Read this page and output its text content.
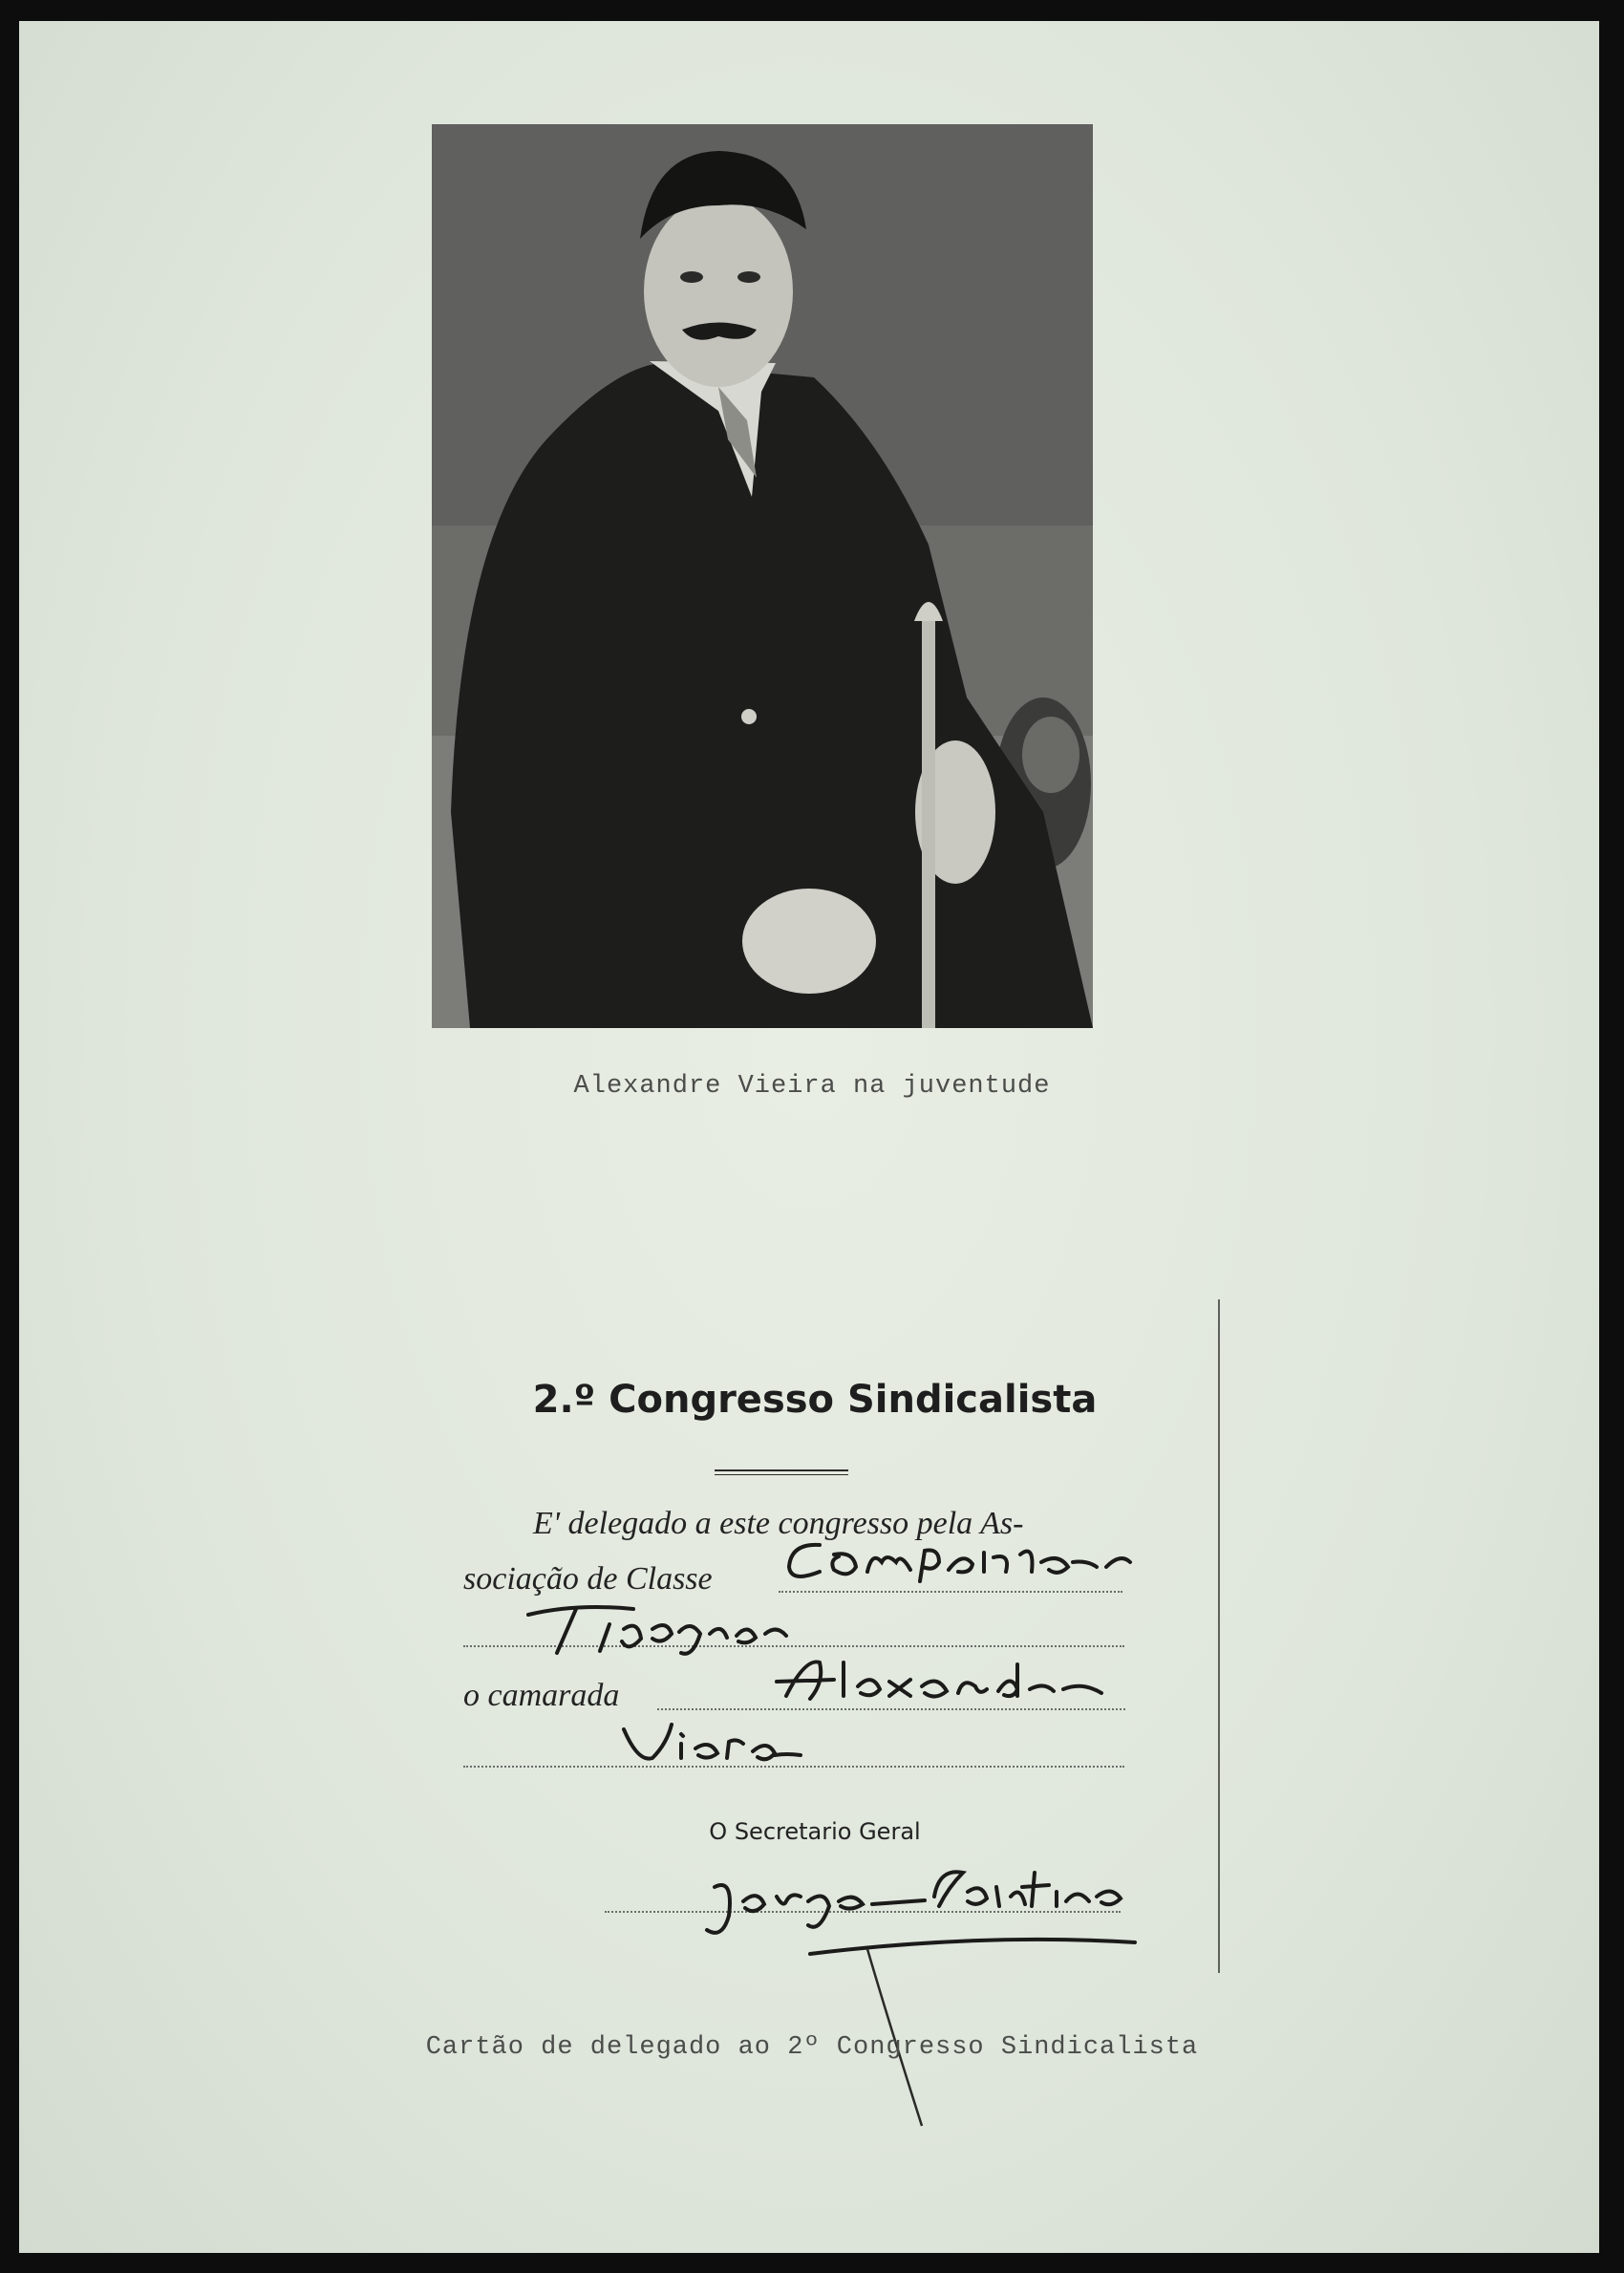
Alexandre Vieira na juventude
2.º Congresso Sindicalista
E' delegado a este congresso pela As-
sociação de Classe
o camarada
O Secretario Geral
Cartão de delegado ao 2º Congresso Sindicalista
